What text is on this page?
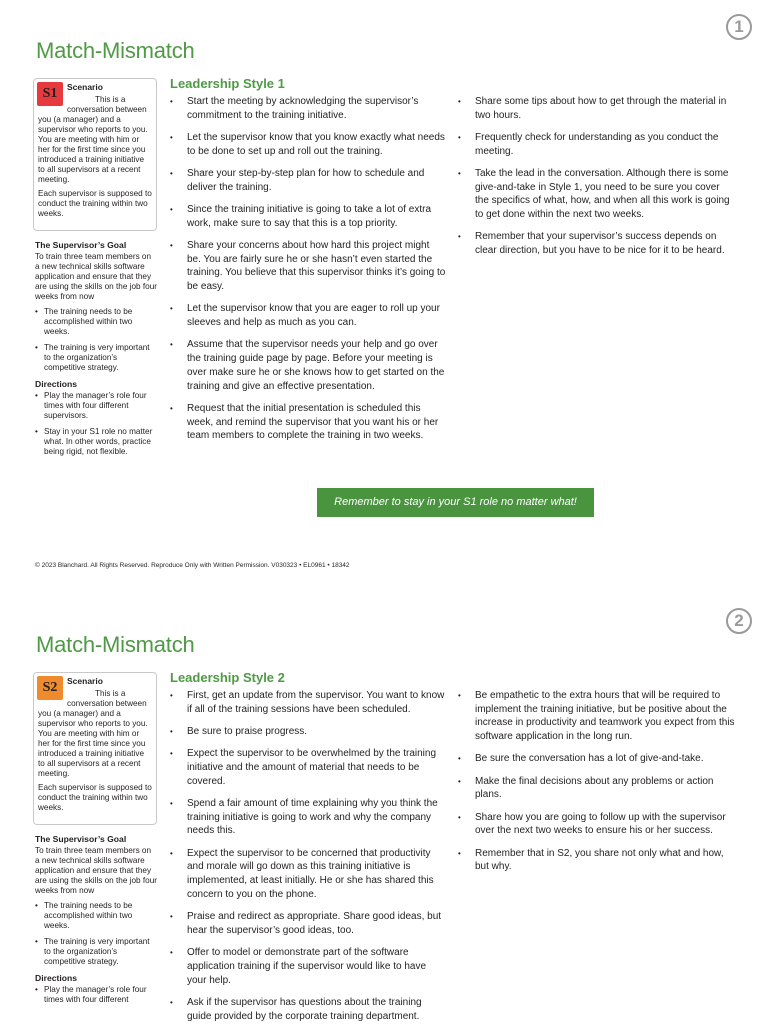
1
Match-Mismatch
S1	Scenario

This is a conversation between you (a manager) and a supervisor who reports to you. You are meeting with him or her for the first time since you introduced a training initiative to all supervisors at a recent meeting.

Each supervisor is supposed to conduct the training within two weeks.

The Supervisor’s Goal

To train three team members on a new technical skills software application and ensure that they are using the skills on the job four weeks from now

• The training needs to be accomplished within two weeks.
• The training is very important to the organization’s competitive strategy.
Directions
• Play the manager’s role four times with four different supervisors.
• Stay in your S1 role no matter what. In other words, practice being rigid, not flexible.
Leadership Style 1
• Start the meeting by acknowledging the supervisor’s commitment to the training initiative.
• Let the supervisor know that you know exactly what needs to be done to set up and roll out the training.
• Share your step-by-step plan for how to schedule and deliver the training.
• Since the training initiative is going to take a lot of extra work, make sure to say that this is a top priority.
• Share your concerns about how hard this project might be. You are fairly sure he or she hasn’t even started the training. You believe that this supervisor thinks it’s going to be easy.
• Let the supervisor know that you are eager to roll up your sleeves and help as much as you can.
• Assume that the supervisor needs your help and go over the training guide page by page. Before your meeting is over make sure he or she knows how to get started on the training and give an effective presentation.
• Request that the initial presentation is scheduled this week, and remind the supervisor that you want his or her team members to complete the training in two weeks.
• Share some tips about how to get through the material in two hours.
• Frequently check for understanding as you conduct the meeting.
• Take the lead in the conversation. Although there is some give-and-take in Style 1, you need to be sure you cover the specifics of what, how, and when all this work is going to get done within the next two weeks.
• Remember that your supervisor’s success depends on clear direction, but you have to be nice for it to be heard.
Remember to stay in your S1 role no matter what!
© 2023 Blanchard. All Rights Reserved. Reproduce Only with Written Permission. V030323 • EL0961 • 18342
2
Match-Mismatch
S2	Scenario

This is a conversation between you (a manager) and a supervisor who reports to you. You are meeting with him or her for the first time since you introduced a training initiative to all supervisors at a recent meeting.

Each supervisor is supposed to conduct the training within two weeks.

The Supervisor’s Goal

To train three team members on a new technical skills software application and ensure that they are using the skills on the job four weeks from now

• The training needs to be accomplished within two weeks.
• The training is very important to the organization’s competitive strategy.
Directions
• Play the manager’s role four times with four different
Leadership Style 2
• First, get an update from the supervisor. You want to know if all of the training sessions have been scheduled.
• Be sure to praise progress.
• Expect the supervisor to be overwhelmed by the training initiative and the amount of material that needs to be covered.
• Spend a fair amount of time explaining why you think the training initiative is going to work and why the company needs this.
• Expect the supervisor to be concerned that productivity and morale will go down as this training initiative is implemented, at least initially. He or she has shared this concern to you on the phone.
• Praise and redirect as appropriate. Share good ideas, but hear the supervisor’s good ideas, too.
• Offer to model or demonstrate part of the software application training if the supervisor would like to have your help.
• Ask if the supervisor has questions about the training guide provided by the corporate training department.
• Be empathetic to the extra hours that will be required to implement the training initiative, but be positive about the increase in productivity and teamwork you expect from this software application in the long run.
• Be sure the conversation has a lot of give-and-take.
• Make the final decisions about any problems or action plans.
• Share how you are going to follow up with the supervisor over the next two weeks to ensure his or her success.
• Remember that in S2, you share not only what and how, but why.
